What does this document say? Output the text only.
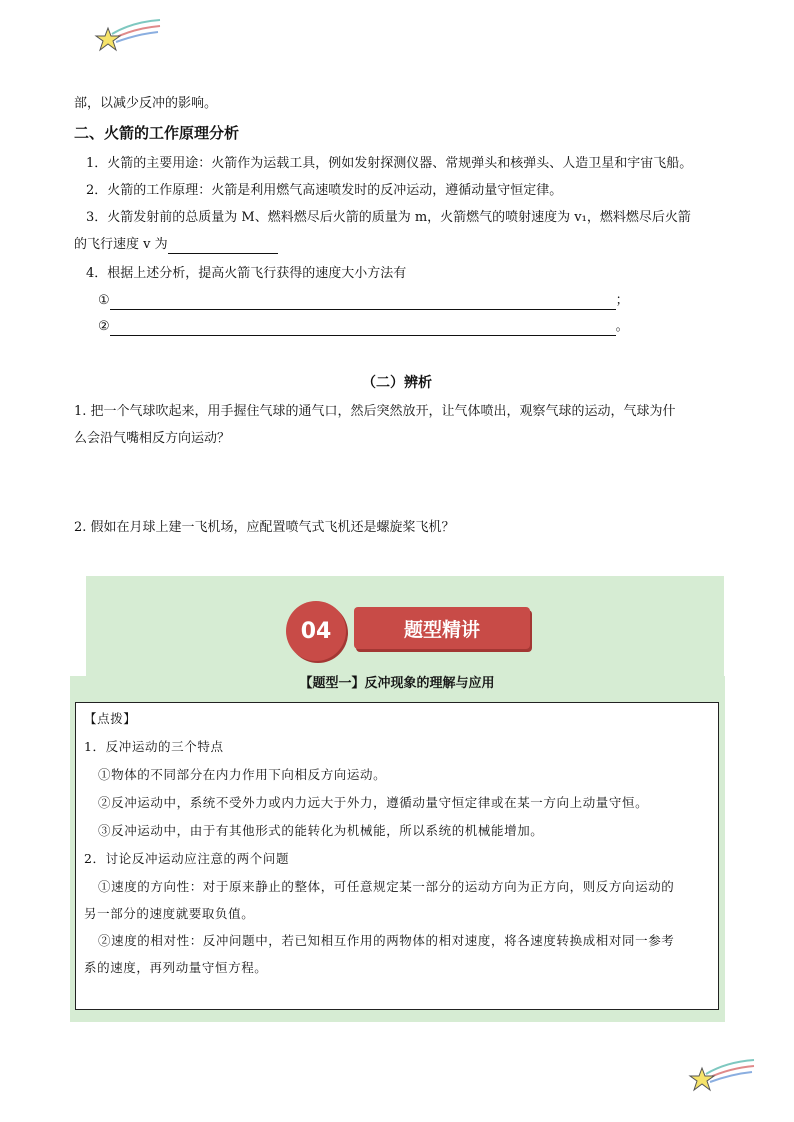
部，以减少反冲的影响。
二、火箭的工作原理分析
1．火箭的主要用途：火箭作为运载工具，例如发射探测仪器、常规弹头和核弹头、人造卫星和宇宙飞船。
2．火箭的工作原理：火箭是利用燃气高速喷发时的反冲运动，遵循动量守恒定律。
3．火箭发射前的总质量为 M、燃料燃尽后火箭的质量为 m，火箭燃气的喷射速度为 v₁，燃料燃尽后火箭
的飞行速度 v 为
4．根据上述分析，提高火箭飞行获得的速度大小方法有
①	；
②	。
（二）辨析
1. 把一个气球吹起来，用手握住气球的通气口，然后突然放开，让气体喷出，观察气球的运动，气球为什
么会沿气嘴相反方向运动？
2. 假如在月球上建一飞机场，应配置喷气式飞机还是螺旋桨飞机？
04	题型精讲
【题型一】反冲现象的理解与应用
【点拨】
1．反冲运动的三个特点
①物体的不同部分在内力作用下向相反方向运动。
②反冲运动中，系统不受外力或内力远大于外力，遵循动量守恒定律或在某一方向上动量守恒。
③反冲运动中，由于有其他形式的能转化为机械能，所以系统的机械能增加。
2．讨论反冲运动应注意的两个问题
①速度的方向性：对于原来静止的整体，可任意规定某一部分的运动方向为正方向，则反方向运动的
另一部分的速度就要取负值。
②速度的相对性：反冲问题中，若已知相互作用的两物体的相对速度，将各速度转换成相对同一参考
系的速度，再列动量守恒方程。
